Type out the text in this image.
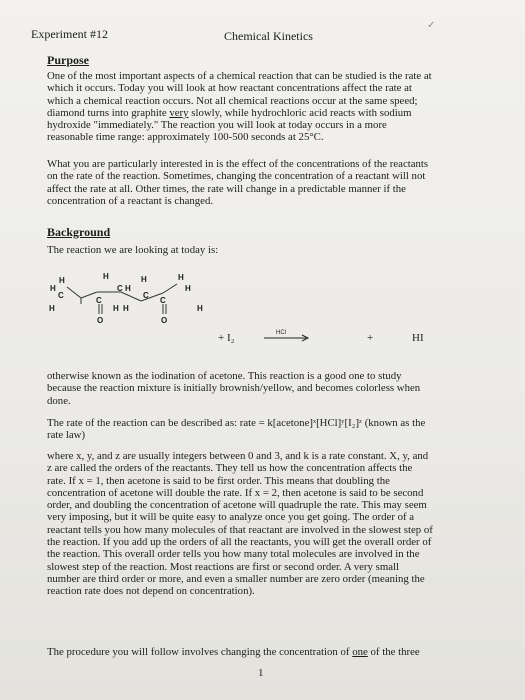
Experiment #12	Chemical Kinetics
✓
Purpose
One of the most important aspects of a chemical reaction that can be studied is the rate at
which it occurs. Today you will look at how reactant concentrations affect the rate at
which a chemical reaction occurs. Not all chemical reactions occur at the same speed;
diamond turns into graphite very slowly, while hydrochloric acid reacts with sodium
hydroxide "immediately." The reaction you will look at today occurs in a more
reasonable time range: approximately 100-500 seconds at 25°C.
What you are particularly interested in is the effect of the concentrations of the reactants
on the rate of the reaction. Sometimes, changing the concentration of a reactant will not
affect the rate at all. Other times, the rate will change in a predictable manner if the
concentration of a reactant is changed.
Background
The reaction we are looking at today is:
H	H	H	H
H
C
C H
C
H
H
C
H H
C
H
O	O
+ I₂	HCl	+	HI
otherwise known as the iodination of acetone. This reaction is a good one to study
because the reaction mixture is initially brownish/yellow, and becomes colorless when
done.
The rate of the reaction can be described as: rate = k[acetone]ˣ[HCl]ʸ[I₂]ᶻ (known as the
rate law)
where x, y, and z are usually integers between 0 and 3, and k is a rate constant. X, y, and
z are called the orders of the reactants. They tell us how the concentration affects the
rate. If x = 1, then acetone is said to be first order. This means that doubling the
concentration of acetone will double the rate. If x = 2, then acetone is said to be second
order, and doubling the concentration of acetone will quadruple the rate. This may seem
very imposing, but it will be quite easy to analyze once you get going. The order of a
reactant tells you how many molecules of that reactant are involved in the slowest step of
the reaction. If you add up the orders of all the reactants, you will get the overall order of
the reaction. This overall order tells you how many total molecules are involved in the
slowest step of the reaction. Most reactions are first or second order. A very small
number are third order or more, and even a smaller number are zero order (meaning the
reaction rate does not depend on concentration).
The procedure you will follow involves changing the concentration of one of the three
1
